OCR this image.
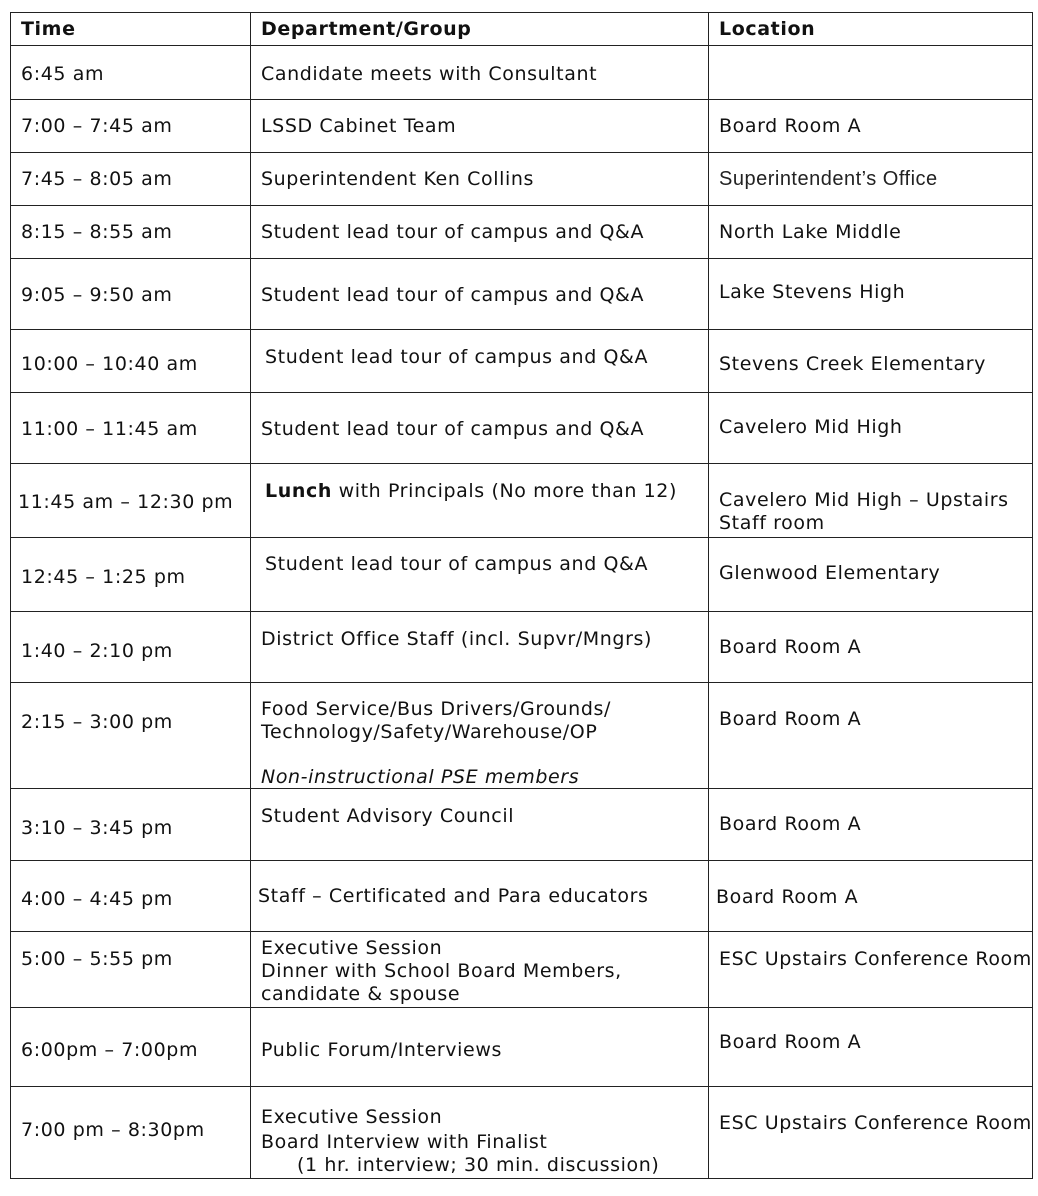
Time	Department/Group	Location

6:45 am	Candidate meets with Consultant	

7:00 – 7:45 am	LSSD Cabinet Team	Board Room A

7:45 – 8:05 am	Superintendent Ken Collins	Superintendent’s Office

8:15 – 8:55 am	Student lead tour of campus and Q&A	North Lake Middle

9:05 – 9:50 am	Student lead tour of campus and Q&A	Lake Stevens High

10:00 – 10:40 am	Student lead tour of campus and Q&A	Stevens Creek Elementary

11:00 – 11:45 am	Student lead tour of campus and Q&A	Cavelero Mid High

11:45 am – 12:30 pm	Lunch with Principals (No more than 12)	Cavelero Mid High – Upstairs
Staff room

12:45 – 1:25 pm	Student lead tour of campus and Q&A	Glenwood Elementary

1:40 – 2:10 pm	District Office Staff (incl. Supvr/Mngrs)	Board Room A

2:15 – 3:00 pm	Food Service/Bus Drivers/Grounds/
Technology/Safety/Warehouse/OP
Non-instructional PSE members	Board Room A

3:10 – 3:45 pm	Student Advisory Council	Board Room A

4:00 – 4:45 pm	Staff – Certificated and Para educators	Board Room A

5:00 – 5:55 pm	Executive Session
Dinner with School Board Members,
candidate & spouse	ESC Upstairs Conference Room

6:00pm – 7:00pm	Public Forum/Interviews	Board Room A

7:00 pm – 8:30pm	Executive Session
Board Interview with Finalist
(1 hr. interview; 30 min. discussion)	ESC Upstairs Conference Room
